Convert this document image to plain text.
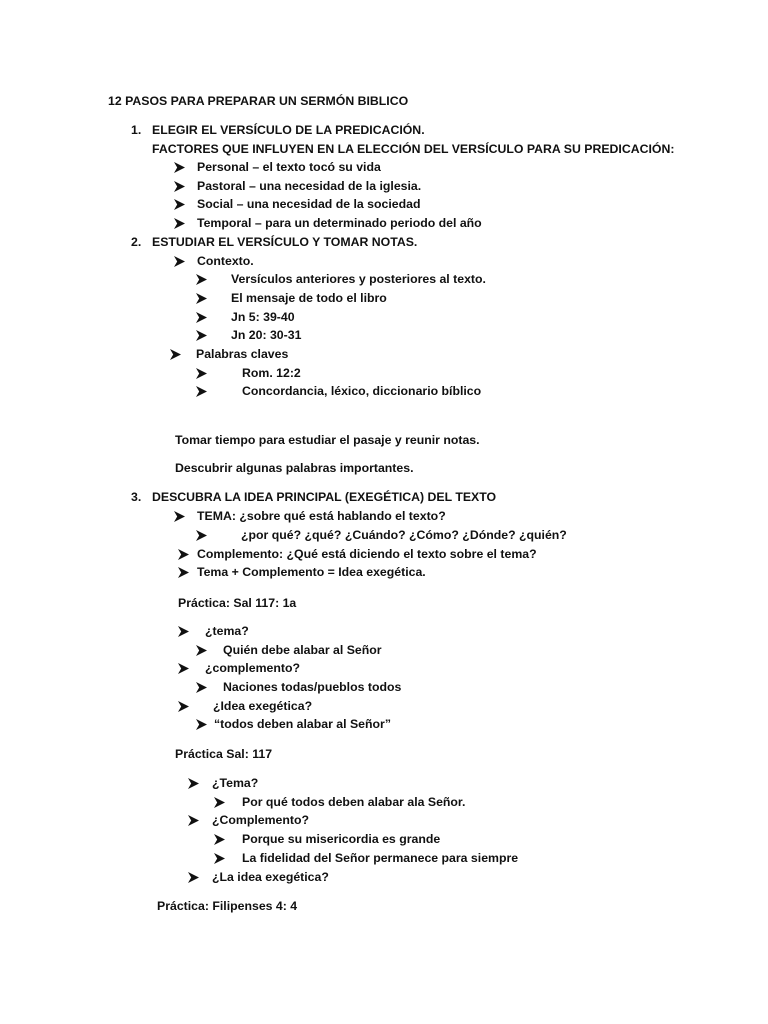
12 PASOS PARA PREPARAR UN SERMÓN BIBLICO
1. ELEGIR EL VERSÍCULO DE LA PREDICACIÓN.
FACTORES QUE INFLUYEN EN LA ELECCIÓN DEL VERSÍCULO PARA SU PREDICACIÓN:
Personal – el texto tocó su vida
Pastoral – una necesidad de la iglesia.
Social – una necesidad de la sociedad
Temporal – para un determinado periodo del año
2. ESTUDIAR EL VERSÍCULO Y TOMAR NOTAS.
Contexto.
Versículos anteriores y posteriores al texto.
El mensaje de todo el libro
Jn 5: 39-40
Jn 20: 30-31
Palabras claves
Rom. 12:2
Concordancia, léxico, diccionario bíblico
Tomar tiempo para estudiar el pasaje y reunir notas.
Descubrir algunas palabras importantes.
3. DESCUBRA LA IDEA PRINCIPAL (EXEGÉTICA) DEL TEXTO
TEMA: ¿sobre qué está hablando el texto?
¿por qué? ¿qué? ¿Cuándo? ¿Cómo? ¿Dónde? ¿quién?
Complemento: ¿Qué está diciendo el texto sobre el tema?
Tema + Complemento = Idea exegética.
Práctica: Sal 117: 1a
¿tema?
Quién debe alabar al Señor
¿complemento?
Naciones todas/pueblos todos
¿Idea exegética?
“todos deben alabar al Señor”
Práctica Sal: 117
¿Tema?
Por qué todos deben alabar ala Señor.
¿Complemento?
Porque su misericordia es grande
La fidelidad del Señor permanece para siempre
¿La idea exegética?
Práctica: Filipenses 4: 4
